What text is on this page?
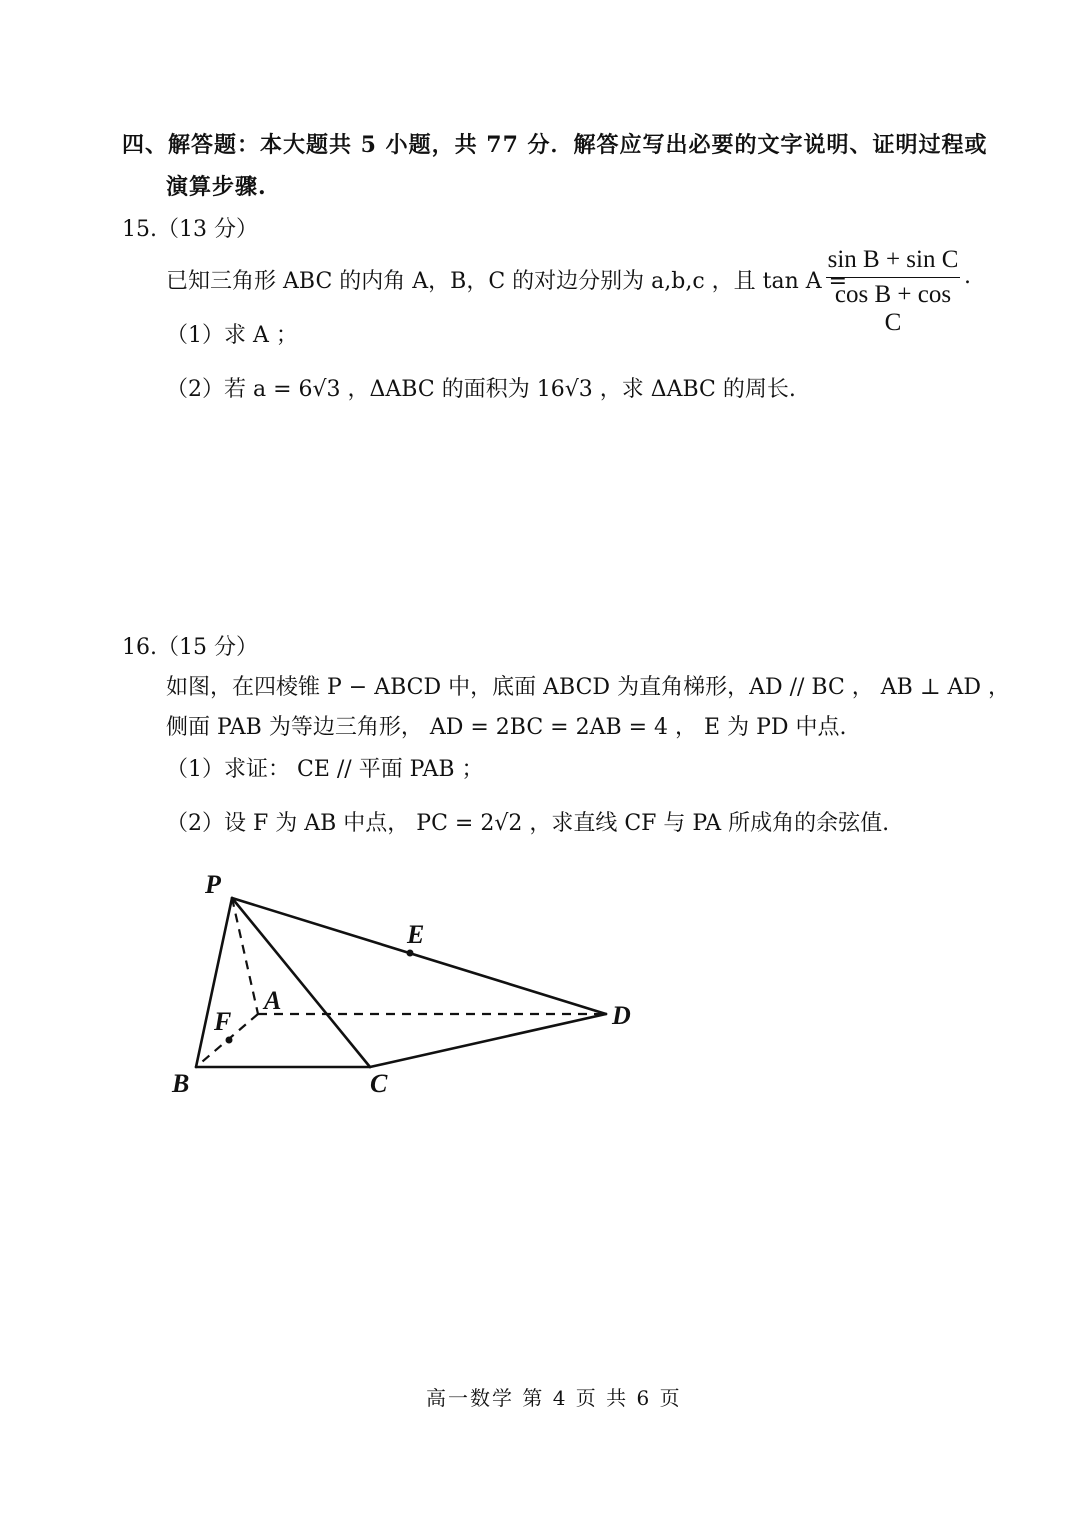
四、解答题：本大题共 5 小题，共 77 分．解答应写出必要的文字说明、证明过程或
演算步骤.
15.（13 分）
已知三角形 ABC 的内角 A，B，C 的对边分别为 a,b,c ，且 tan A =
sin B + sin C
cos B + cos C
.
（1）求 A ；
（2）若 a = 6√3 ，ΔABC 的面积为 16√3 ，求 ΔABC 的周长.
16.（15 分）
如图，在四棱锥 P − ABCD 中，底面 ABCD 为直角梯形，AD // BC ， AB ⊥ AD ，
侧面 PAB 为等边三角形， AD = 2BC = 2AB = 4 ， E 为 PD 中点.
（1）求证： CE // 平面 PAB ；
（2）设 F 为 AB 中点， PC = 2√2 ，求直线 CF 与 PA 所成角的余弦值.
P
E
A
F	D
B	C
高一数学 第 4 页 共 6 页
